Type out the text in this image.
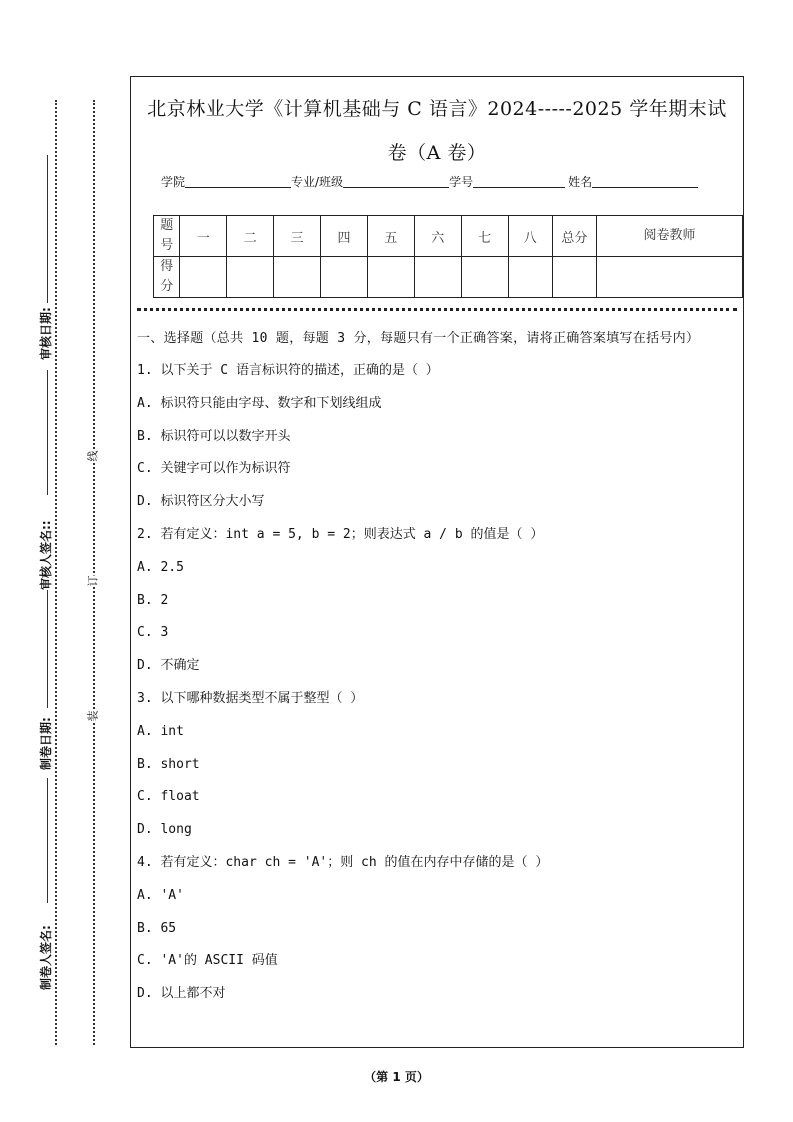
审核日期:
审核人签名::
制卷日期:
制卷人签名:
线
订
装
北京林业大学《计算机基础与 C 语言》2024-----2025 学年期末试
卷（A 卷）
学院	专业/班级	学号	姓名
题号	一	二	三	四	五	六	七	八	总分	阅卷教师
得分										
一、选择题（总共 10 题，每题 3 分，每题只有一个正确答案，请将正确答案填写在括号内）
1. 以下关于 C 语言标识符的描述，正确的是（ ）
A. 标识符只能由字母、数字和下划线组成
B. 标识符可以以数字开头
C. 关键字可以作为标识符
D. 标识符区分大小写
2. 若有定义：int a = 5, b = 2；则表达式 a / b 的值是（ ）
A. 2.5
B. 2
C. 3
D. 不确定
3. 以下哪种数据类型不属于整型（ ）
A. int
B. short
C. float
D. long
4. 若有定义：char ch = 'A'；则 ch 的值在内存中存储的是（ ）
A. 'A'
B. 65
C. 'A'的 ASCII 码值
D. 以上都不对
（第 1 页）
